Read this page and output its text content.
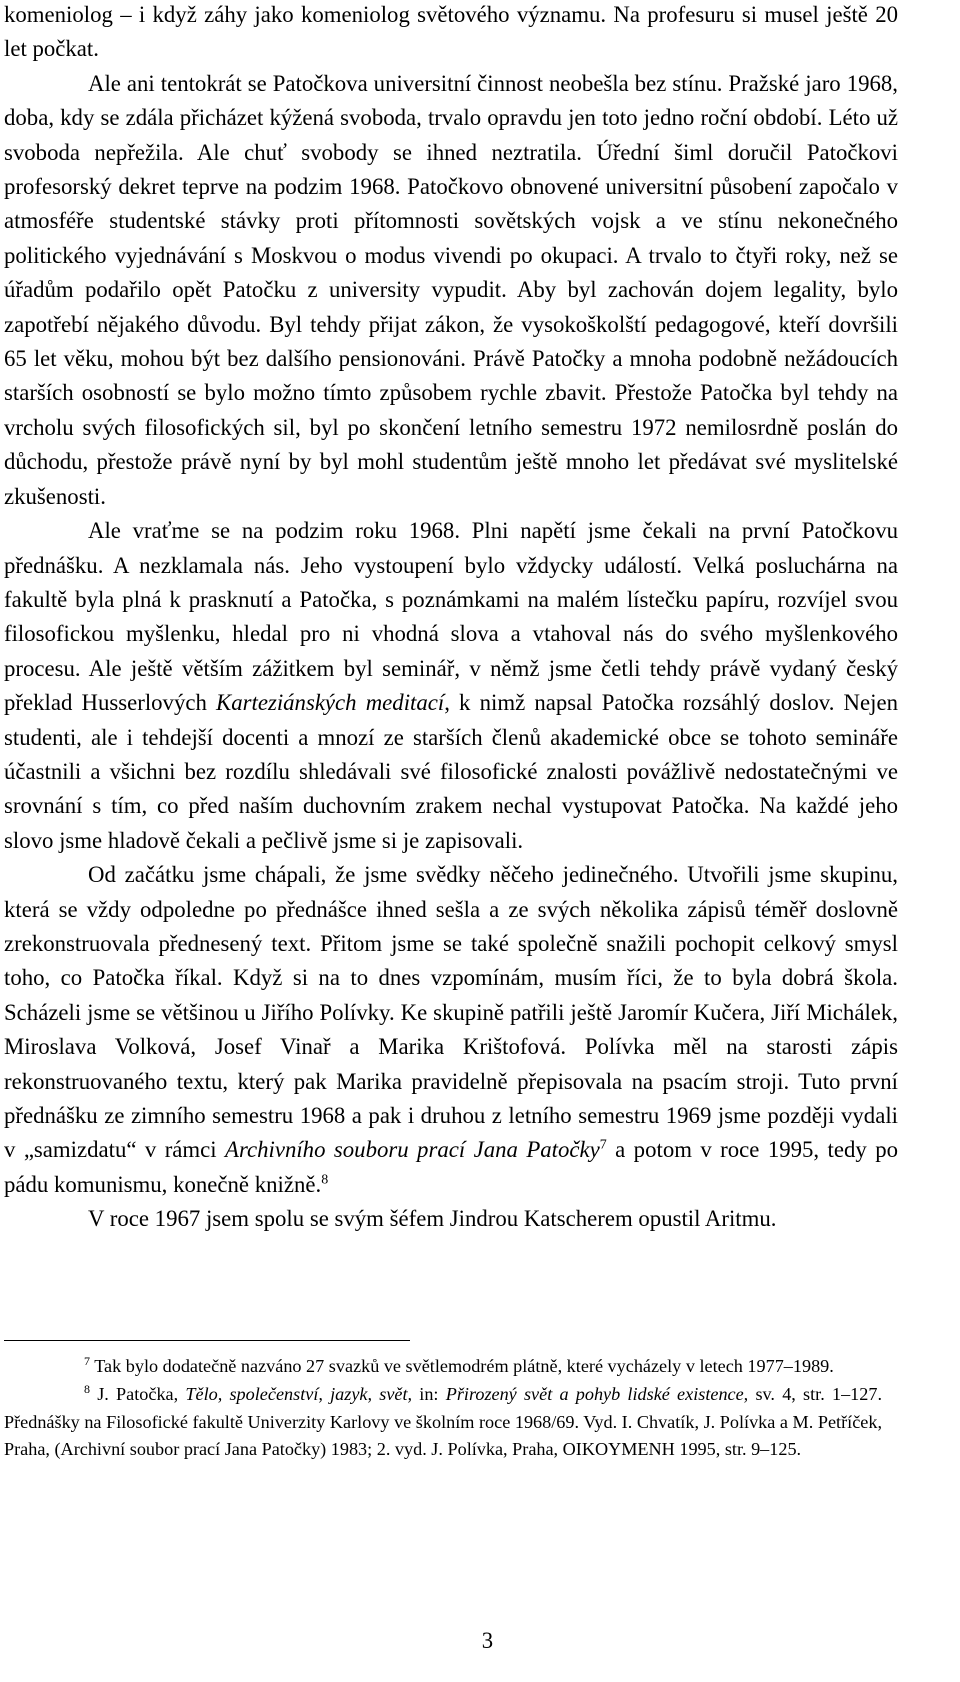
komeniolog – i když záhy jako komeniolog světového významu. Na profesuru si musel ještě 20 let počkat.

Ale ani tentokrát se Patočkova universitní činnost neobešla bez stínu. Pražské jaro 1968, doba, kdy se zdála přicházet kýžená svoboda, trvalo opravdu jen toto jedno roční období. Léto už svoboda nepřežila. Ale chuť svobody se ihned neztratila. Úřední šiml doručil Patočkovi profesorský dekret teprve na podzim 1968. Patočkovo obnovené universitní působení započalo v atmosféře studentské stávky proti přítomnosti sovětských vojsk a ve stínu nekonečného politického vyjednávání s Moskvou o modus vivendi po okupaci. A trvalo to čtyři roky, než se úřadům podařilo opět Patočku z university vypudit. Aby byl zachován dojem legality, bylo zapotřebí nějakého důvodu. Byl tehdy přijat zákon, že vysokoškolští pedagogové, kteří dovršili 65 let věku, mohou být bez dalšího pensionováni. Právě Patočky a mnoha podobně nežádoucích starších osobností se bylo možno tímto způsobem rychle zbavit. Přestože Patočka byl tehdy na vrcholu svých filosofických sil, byl po skončení letního semestru 1972 nemilosrdně poslán do důchodu, přestože právě nyní by byl mohl studentům ještě mnoho let předávat své myslitelské zkušenosti.

Ale vraťme se na podzim roku 1968. Plni napětí jsme čekali na první Patočkovu přednášku. A nezklamala nás. Jeho vystoupení bylo vždycky událostí. Velká posluchárna na fakultě byla plná k prasknutí a Patočka, s poznámkami na malém lístečku papíru, rozvíjel svou filosofickou myšlenku, hledal pro ni vhodná slova a vtahoval nás do svého myšlenkového procesu. Ale ještě větším zážitkem byl seminář, v němž jsme četli tehdy právě vydaný český překlad Husserlových Karteziánských meditací, k nimž napsal Patočka rozsáhlý doslov. Nejen studenti, ale i tehdejší docenti a mnozí ze starších členů akademické obce se tohoto semináře účastnili a všichni bez rozdílu shledávali své filosofické znalosti povážlivě nedostatečnými ve srovnání s tím, co před naším duchovním zrakem nechal vystupovat Patočka. Na každé jeho slovo jsme hladově čekali a pečlivě jsme si je zapisovali.

Od začátku jsme chápali, že jsme svědky něčeho jedinečného. Utvořili jsme skupinu, která se vždy odpoledne po přednášce ihned sešla a ze svých několika zápisů téměř doslovně zrekonstruovala přednesený text. Přitom jsme se také společně snažili pochopit celkový smysl toho, co Patočka říkal. Když si na to dnes vzpomínám, musím říci, že to byla dobrá škola. Scházeli jsme se většinou u Jiřího Polívky. Ke skupině patřili ještě Jaromír Kučera, Jiří Michálek, Miroslava Volková, Josef Vinař a Marika Krištofová. Polívka měl na starosti zápis rekonstruovaného textu, který pak Marika pravidelně přepisovala na psacím stroji. Tuto první přednášku ze zimního semestru 1968 a pak i druhou z letního semestru 1969 jsme později vydali v „samizdatu“ v rámci Archivního souboru prací Jana Patočky$^7$ a potom v roce 1995, tedy po pádu komunismu, konečně knižně.$^8$

V roce 1967 jsem spolu se svým šéfem Jindrou Katscherem opustil Aritmu.

$^7$ Tak bylo dodatečně nazváno 27 svazků ve světlemodrém plátně, které vycházely v letech 1977–1989.

$^8$ J. Patočka, Tělo, společenství, jazyk, svět, in: Přirozený svět a pohyb lidské existence, sv. 4, str. 1–127. Přednášky na Filosofické fakultě Univerzity Karlovy ve školním roce 1968/69. Vyd. I. Chvatík, J. Polívka a M. Petříček, Praha, (Archivní soubor prací Jana Patočky) 1983; 2. vyd. J. Polívka, Praha, OIKOYMENH 1995, str. 9–125.

3
